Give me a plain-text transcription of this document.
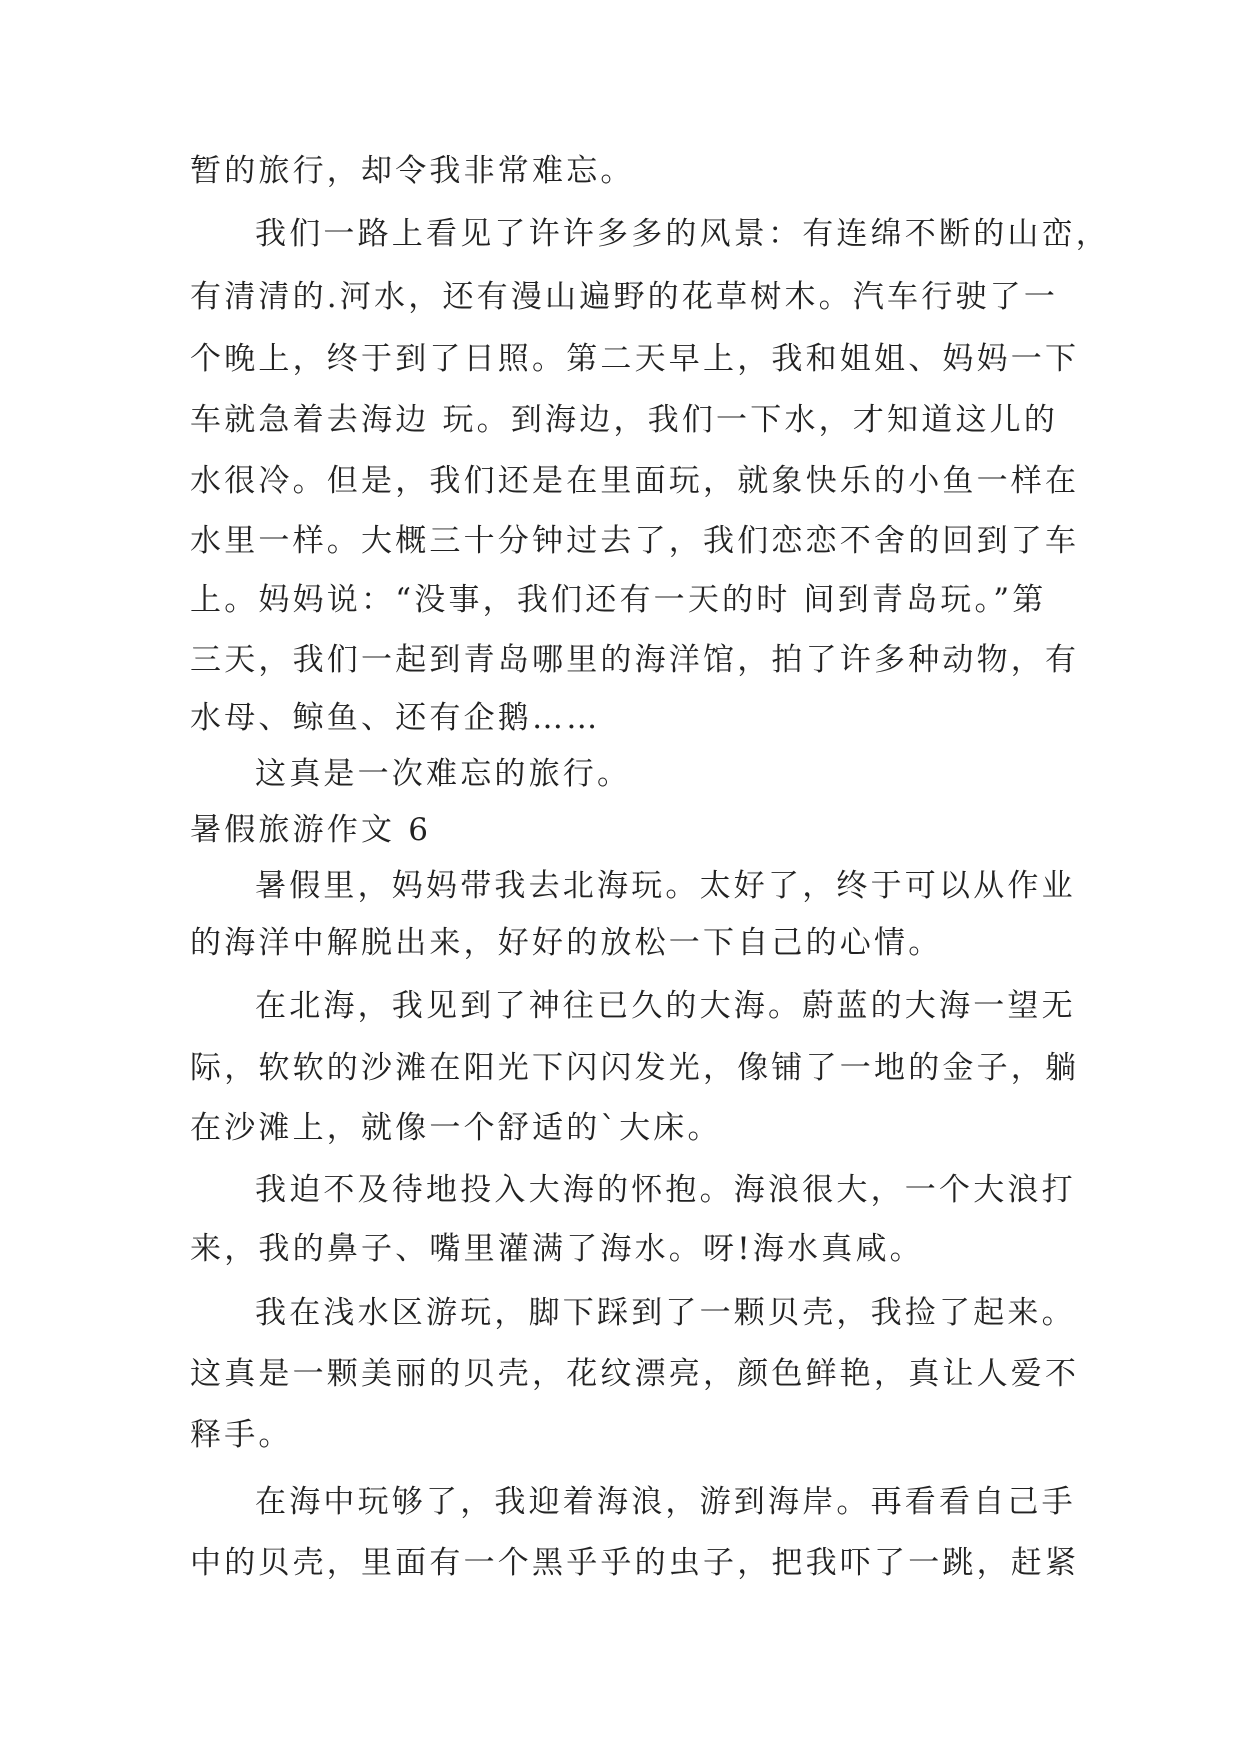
暂的旅行，却令我非常难忘。
我们一路上看见了许许多多的风景：有连绵不断的山峦，
有清清的.河水，还有漫山遍野的花草树木。汽车行驶了一
个晚上，终于到了日照。第二天早上，我和姐姐、妈妈一下
车就急着去海边 玩。到海边，我们一下水，才知道这儿的
水很冷。但是，我们还是在里面玩，就象快乐的小鱼一样在
水里一样。大概三十分钟过去了，我们恋恋不舍的回到了车
上。妈妈说：“没事，我们还有一天的时 间到青岛玩。”第
三天，我们一起到青岛哪里的海洋馆，拍了许多种动物，有
水母、鲸鱼、还有企鹅……
这真是一次难忘的旅行。
暑假旅游作文 6
暑假里，妈妈带我去北海玩。太好了，终于可以从作业
的海洋中解脱出来，好好的放松一下自己的心情。
在北海，我见到了神往已久的大海。蔚蓝的大海一望无
际，软软的沙滩在阳光下闪闪发光，像铺了一地的金子，躺
在沙滩上，就像一个舒适的`大床。
我迫不及待地投入大海的怀抱。海浪很大，一个大浪打
来，我的鼻子、嘴里灌满了海水。呀!海水真咸。
我在浅水区游玩，脚下踩到了一颗贝壳，我捡了起来。
这真是一颗美丽的贝壳，花纹漂亮，颜色鲜艳，真让人爱不
释手。
在海中玩够了，我迎着海浪，游到海岸。再看看自己手
中的贝壳，里面有一个黑乎乎的虫子，把我吓了一跳，赶紧
